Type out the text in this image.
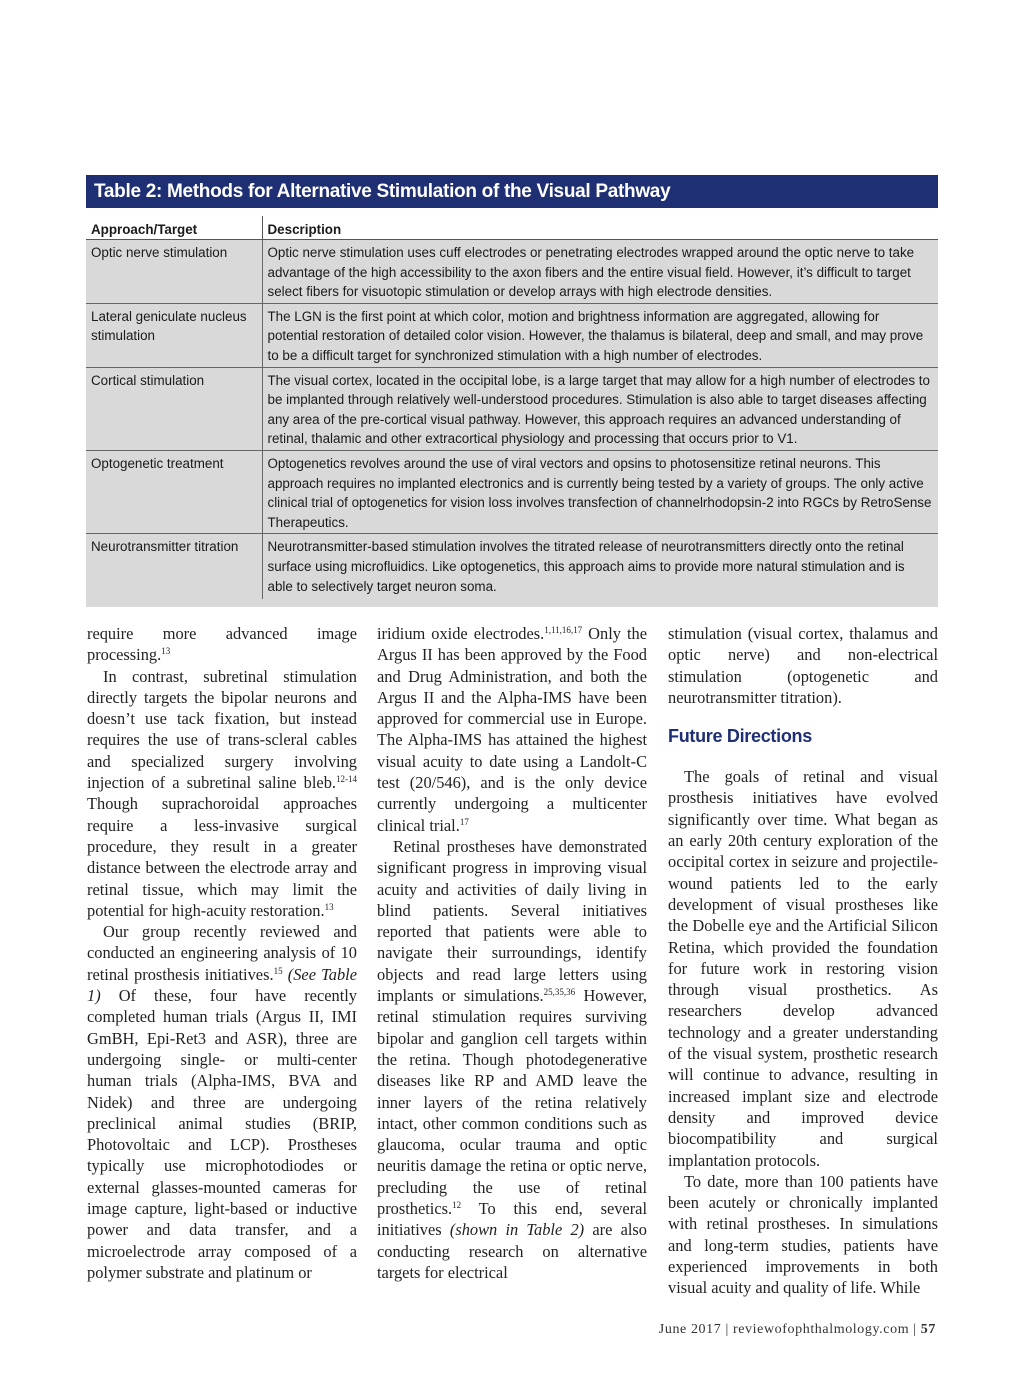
Table 2: Methods for Alternative Stimulation of the Visual Pathway
Approach/Target	Description
Optic nerve stimulation	Optic nerve stimulation uses cuff electrodes or penetrating electrodes wrapped around the optic nerve to take advantage of the high accessibility to the axon fibers and the entire visual field. However, it’s difficult to target select fibers for visuotopic stimulation or develop arrays with high electrode densities.
Lateral geniculate nucleus stimulation	The LGN is the first point at which color, motion and brightness information are aggregated, allowing for potential restoration of detailed color vision. However, the thalamus is bilateral, deep and small, and may prove to be a difficult target for synchronized stimulation with a high number of electrodes.
Cortical stimulation	The visual cortex, located in the occipital lobe, is a large target that may allow for a high number of electrodes to be implanted through relatively well-understood procedures. Stimulation is also able to target diseases affecting any area of the pre-cortical visual pathway. However, this approach requires an advanced understanding of retinal, thalamic and other extracortical physiology and processing that occurs prior to V1.
Optogenetic treatment	Optogenetics revolves around the use of viral vectors and opsins to photosensitize retinal neurons. This approach requires no implanted electronics and is currently being tested by a variety of groups. The only active clinical trial of optogenetics for vision loss involves transfection of channelrhodopsin-2 into RGCs by RetroSense Therapeutics.
Neurotransmitter titration	Neurotransmitter-based stimulation involves the titrated release of neurotransmitters directly onto the retinal surface using microfluidics. Like optogenetics, this approach aims to provide more natural stimulation and is able to selectively target neuron soma.

require more advanced image processing.$^{13}$

In contrast, subretinal stimulation directly targets the bipolar neurons and doesn’t use tack fixation, but instead requires the use of trans-scleral cables and specialized surgery involving injection of a subretinal saline bleb.$^{12-14}$ Though suprachoroidal approaches require a less-invasive surgical procedure, they result in a greater distance between the electrode array and retinal tissue, which may limit the potential for high-acuity restoration.$^{13}$

Our group recently reviewed and conducted an engineering analysis of 10 retinal prosthesis initiatives.$^{15}$ (See Table 1) Of these, four have recently completed human trials (Argus II, IMI GmBH, Epi-Ret3 and ASR), three are undergoing single- or multi-center human trials (Alpha-IMS, BVA and Nidek) and three are undergoing preclinical animal studies (BRIP, Photovoltaic and LCP). Prostheses typically use microphotodiodes or external glasses-mounted cameras for image capture, light-based or inductive power and data transfer, and a microelectrode array composed of a polymer substrate and platinum or

iridium oxide electrodes.$^{1,11,16,17}$ Only the Argus II has been approved by the Food and Drug Administration, and both the Argus II and the Alpha-IMS have been approved for commercial use in Europe. The Alpha-IMS has attained the highest visual acuity to date using a Landolt-C test (20/546), and is the only device currently undergoing a multicenter clinical trial.$^{17}$

Retinal prostheses have demonstrated significant progress in improving visual acuity and activities of daily living in blind patients. Several initiatives reported that patients were able to navigate their surroundings, identify objects and read large letters using implants or simulations.$^{25,35,36}$ However, retinal stimulation requires surviving bipolar and ganglion cell targets within the retina. Though photodegenerative diseases like RP and AMD leave the inner layers of the retina relatively intact, other common conditions such as glaucoma, ocular trauma and optic neuritis damage the retina or optic nerve, precluding the use of retinal prosthetics.$^{12}$ To this end, several initiatives (shown in Table 2) are also conducting research on alternative targets for electrical

stimulation (visual cortex, thalamus and optic nerve) and non-electrical stimulation (optogenetic and neurotransmitter titration).

Future Directions

The goals of retinal and visual prosthesis initiatives have evolved significantly over time. What began as an early 20th century exploration of the occipital cortex in seizure and projectile-wound patients led to the early development of visual prostheses like the Dobelle eye and the Artificial Silicon Retina, which provided the foundation for future work in restoring vision through visual prosthetics. As researchers develop advanced technology and a greater understanding of the visual system, prosthetic research will continue to advance, resulting in increased implant size and electrode density and improved device biocompatibility and surgical implantation protocols.

To date, more than 100 patients have been acutely or chronically implanted with retinal prostheses. In simulations and long-term studies, patients have experienced improvements in both visual acuity and quality of life. While

June 2017 | reviewofophthalmology.com | 57
